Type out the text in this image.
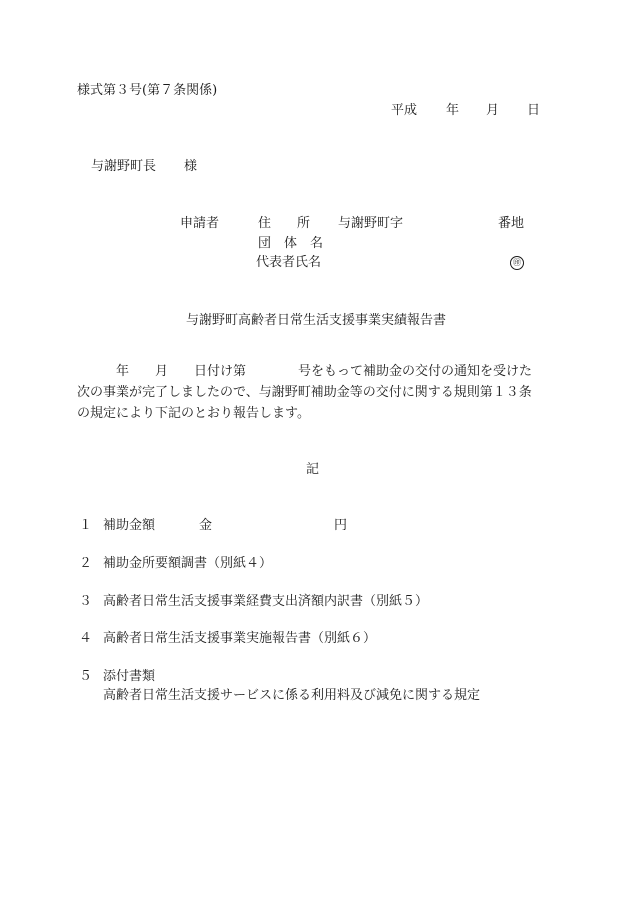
様式第３号(第７条関係)
平成 年 月 日
与謝野町長 様
申請者	住　　所 与謝野町字	番地
団　体　名
代表者氏名	㊞
与謝野町高齢者日常生活支援事業実績報告書
　　　年　　月　　日付け第　　　　号をもって補助金の交付の通知を受けた
次の事業が完了しましたので、与謝野町補助金等の交付に関する規則第１３条
の規定により下記のとおり報告します。
記
１ 補助金額	金	円
２ 補助金所要額調書（別紙４）
３ 高齢者日常生活支援事業経費支出済額内訳書（別紙５）
４ 高齢者日常生活支援事業実施報告書（別紙６）
５ 添付書類
高齢者日常生活支援サービスに係る利用料及び減免に関する規定
